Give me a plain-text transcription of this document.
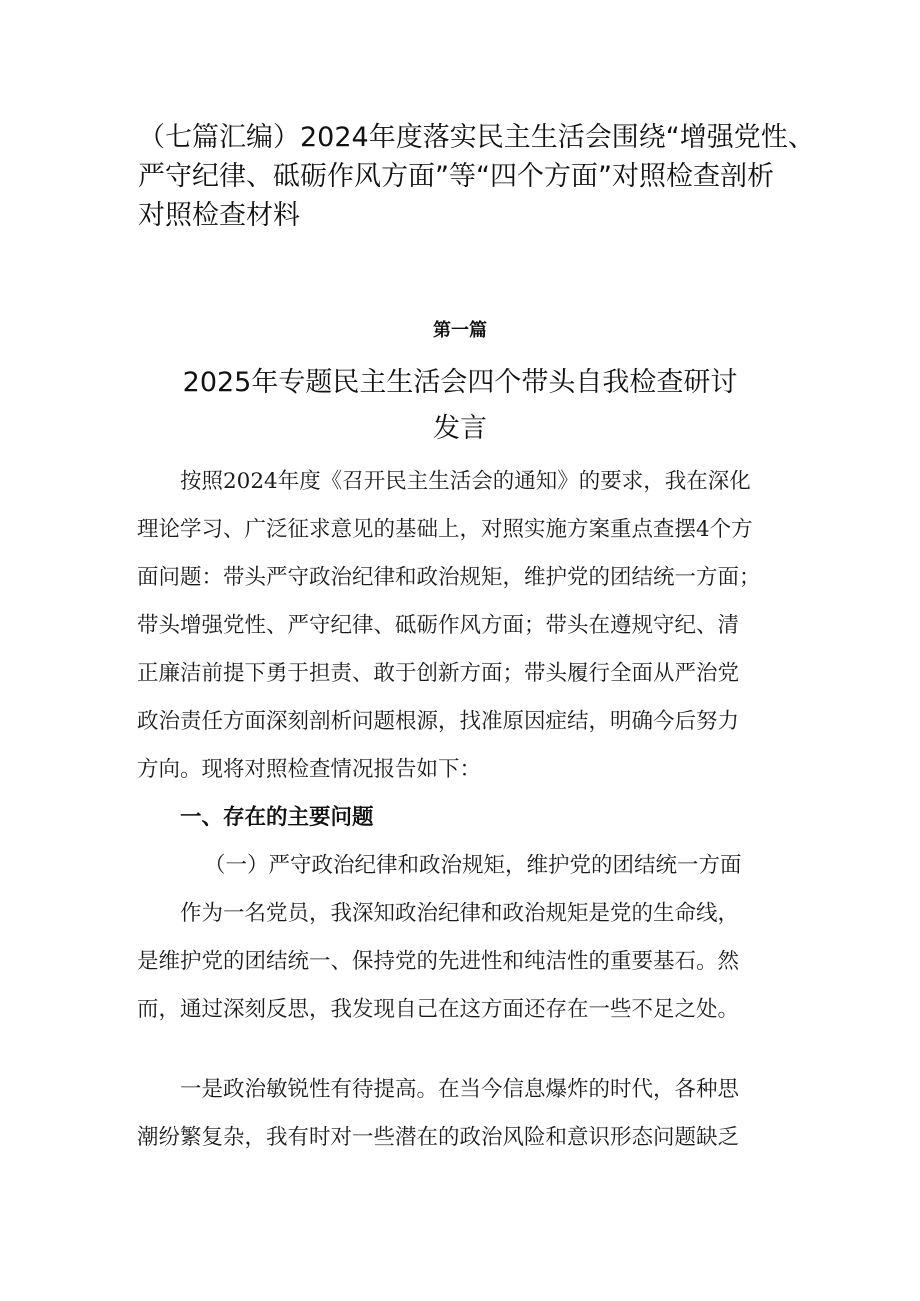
（七篇汇编）2024年度落实民主生活会围绕“增强党性、
严守纪律、砥砺作风方面”等“四个方面”对照检查剖析
对照检查材料
第一篇
2025年专题民主生活会四个带头自我检查研讨
发言
按照2024年度《召开民主生活会的通知》的要求，我在深化
理论学习、广泛征求意见的基础上，对照实施方案重点查摆4个方
面问题：带头严守政治纪律和政治规矩，维护党的团结统一方面；
带头增强党性、严守纪律、砥砺作风方面；带头在遵规守纪、清
正廉洁前提下勇于担责、敢于创新方面；带头履行全面从严治党
政治责任方面深刻剖析问题根源，找准原因症结，明确今后努力
方向。现将对照检查情况报告如下：
一、存在的主要问题
（一）严守政治纪律和政治规矩，维护党的团结统一方面
作为一名党员，我深知政治纪律和政治规矩是党的生命线，
是维护党的团结统一、保持党的先进性和纯洁性的重要基石。然
而，通过深刻反思，我发现自己在这方面还存在一些不足之处。
一是政治敏锐性有待提高。在当今信息爆炸的时代，各种思
潮纷繁复杂，我有时对一些潜在的政治风险和意识形态问题缺乏
